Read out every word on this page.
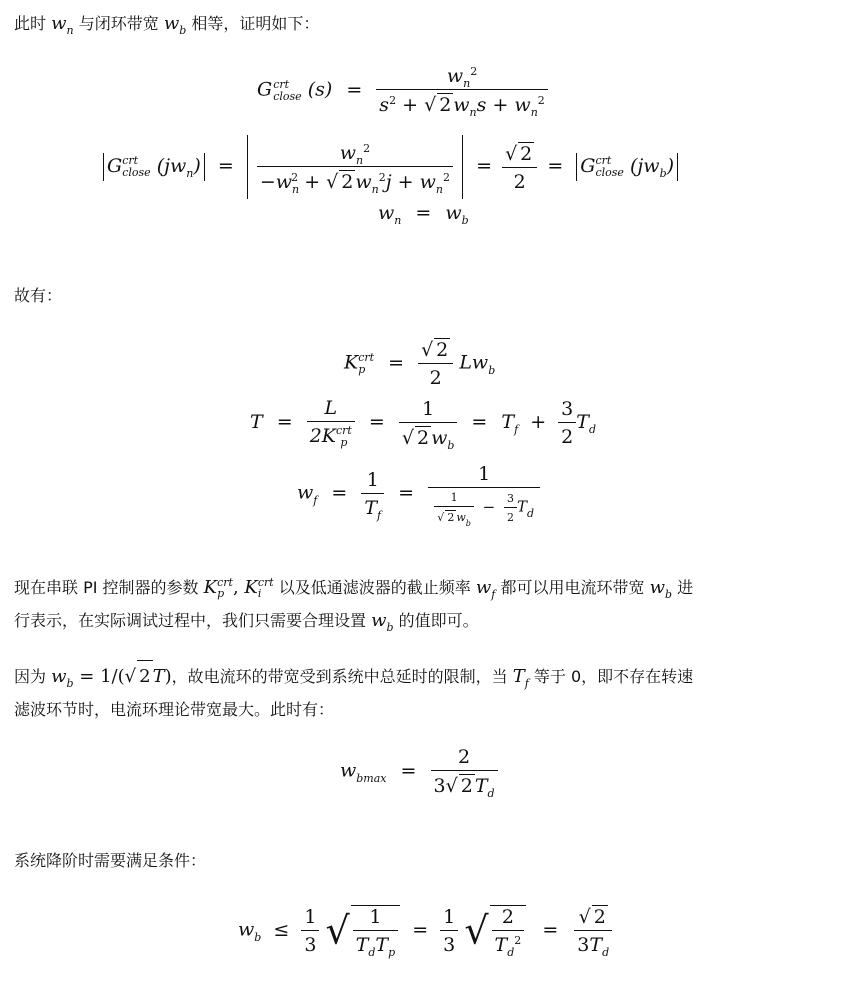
此时 $w_n$ 与闭环带宽 $w_b$ 相等，证明如下：
G crt
close $(s) = \frac{w_n^2}{s^2 + √ 2 w_ns + w_n^2}$
G crt
close $(jw_n) = \frac{w_n^2}{-w_n^2 + √ 2 w_n^2j + w_n^2} = \frac{√ 2}{2} = G$ crt
close $(jw_b)$
$w_n = w_b$
故有：
K crt
p	= $\frac{√ 2}{2} Lw_b$
T = L
2K crt
$p = \frac{1}{√ 2 w_b} = T_f + \frac{3}{2} T_d$
$w_f = \frac{1}{T_f} = \frac{1}{\frac{1}{√ 2 w_b} - \frac{3}{2} T_d}$
现在串联 PI 控制器的参数 K crt
p , K crt
i 以及低通滤波器的截止频率 $w_f$ 都可以用电流环带宽 $w_b$ 进
行表示，在实际调试过程中，我们只需要合理设置 $w_b$ 的值即可。
因为 $w_b = 1/(√$ 2 T)，故电流环的带宽受到系统中总延时的限制，当 $T_f$ 等于 0，即不存在转速
滤波环节时，电流环理论带宽最大。此时有：
$w_{bmax} = \frac{2}{3√ 2 T_d}$
系统降阶时需要满足条件：
$w_b \le \frac{1}{3}$ √ $\frac{1}{T_dT_p} = \frac{1}{3}$ √ $\frac{2}{T_d^2} = \frac{√ 2}{3T_d}$
